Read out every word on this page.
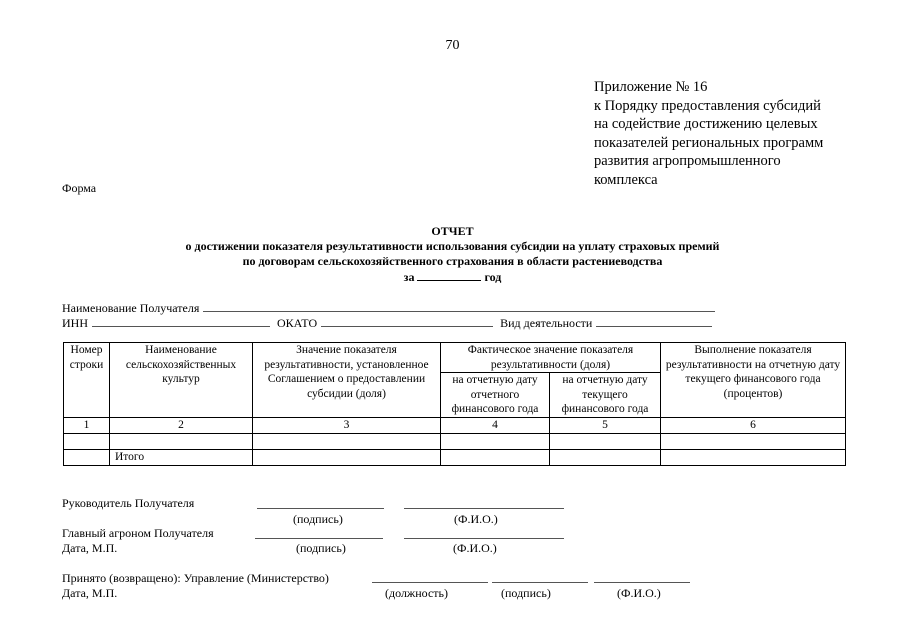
70
Приложение № 16
к Порядку предоставления субсидий
на содействие достижению целевых
показателей региональных программ
развития агропромышленного
комплекса
Форма
ОТЧЕТ
о достижении показателя результативности использования субсидии на уплату страховых премий
по договорам сельскохозяйственного страхования в области растениеводства
за	год
Наименование Получателя
ИНН	ОКАТО	Вид деятельности
Номер строки	Наименование сельскохозяйственных культур	Значение показателя результативности, установленное Соглашением о предоставлении субсидии (доля)	Фактическое значение показателя результативности (доля)		Выполнение показателя результативности на отчетную дату текущего финансового года (процентов)
			на отчетную дату отчетного финансового года	на отчетную дату текущего финансового года	
1	2	3	4	5	6

	Итого				
Руководитель Получателя
(подпись)	(Ф.И.О.)
Главный агроном Получателя
Дата, М.П.	(подпись)	(Ф.И.О.)
Принято (возвращено): Управление (Министерство)
Дата, М.П.	(должность)	(подпись)	(Ф.И.О.)
